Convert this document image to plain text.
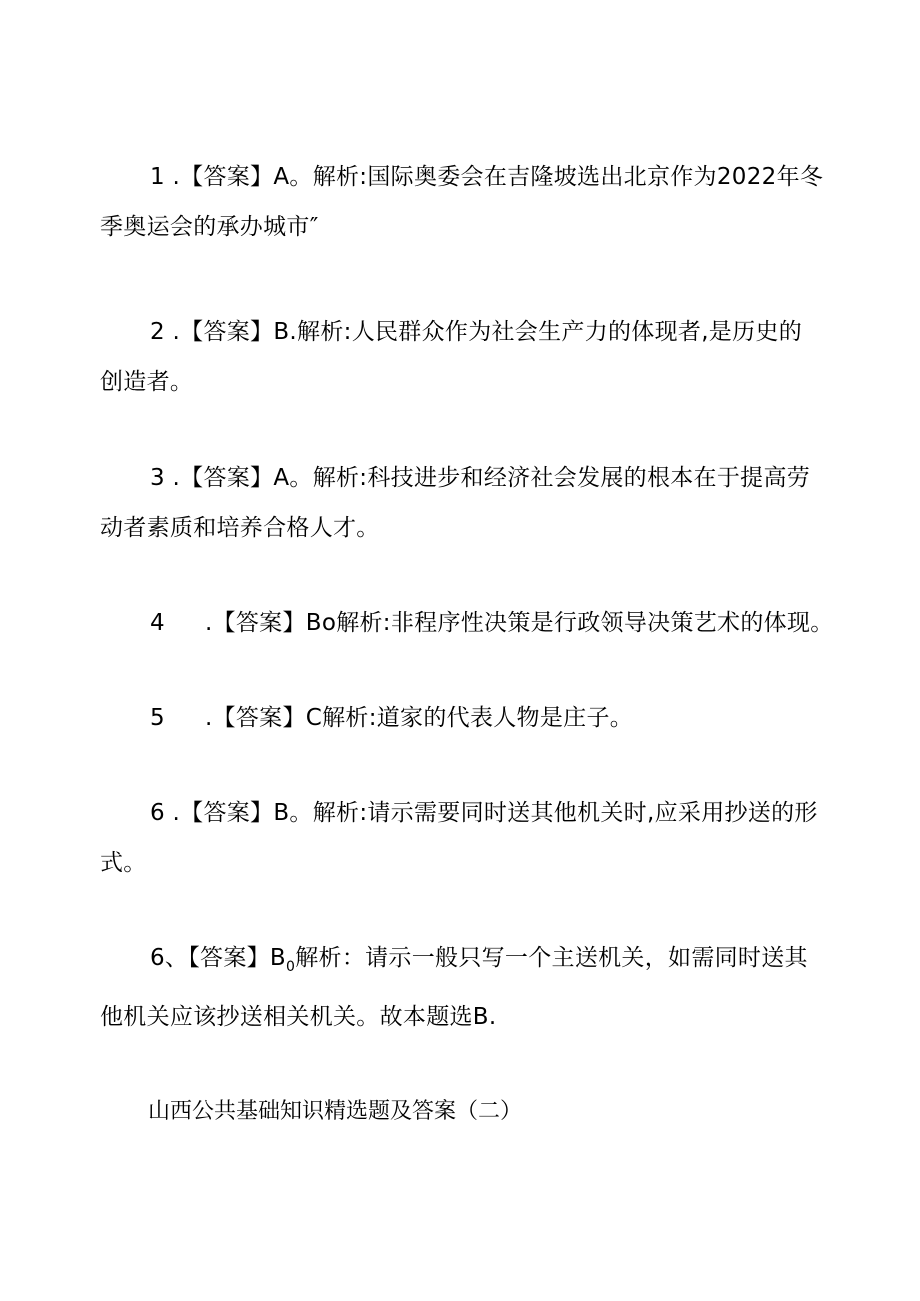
1 .【答案】A。解析:国际奥委会在吉隆坡选出北京作为2022年冬
季奥运会的承办城市″
2 .【答案】B.解析:人民群众作为社会生产力的体现者,是历史的
创造者。
3 .【答案】A。解析:科技进步和经济社会发展的根本在于提高劳
动者素质和培养合格人才。
4 .【答案】Bo解析:非程序性决策是行政领导决策艺术的体现。
5 .【答案】C解析:道家的代表人物是庄子。
6 .【答案】B。解析:请示需要同时送其他机关时,应采用抄送的形
式。
6、【答案】$B_0$解析：请示一般只写一个主送机关，如需同时送其
他机关应该抄送相关机关。故本题选B.
山西公共基础知识精选题及答案（二）
